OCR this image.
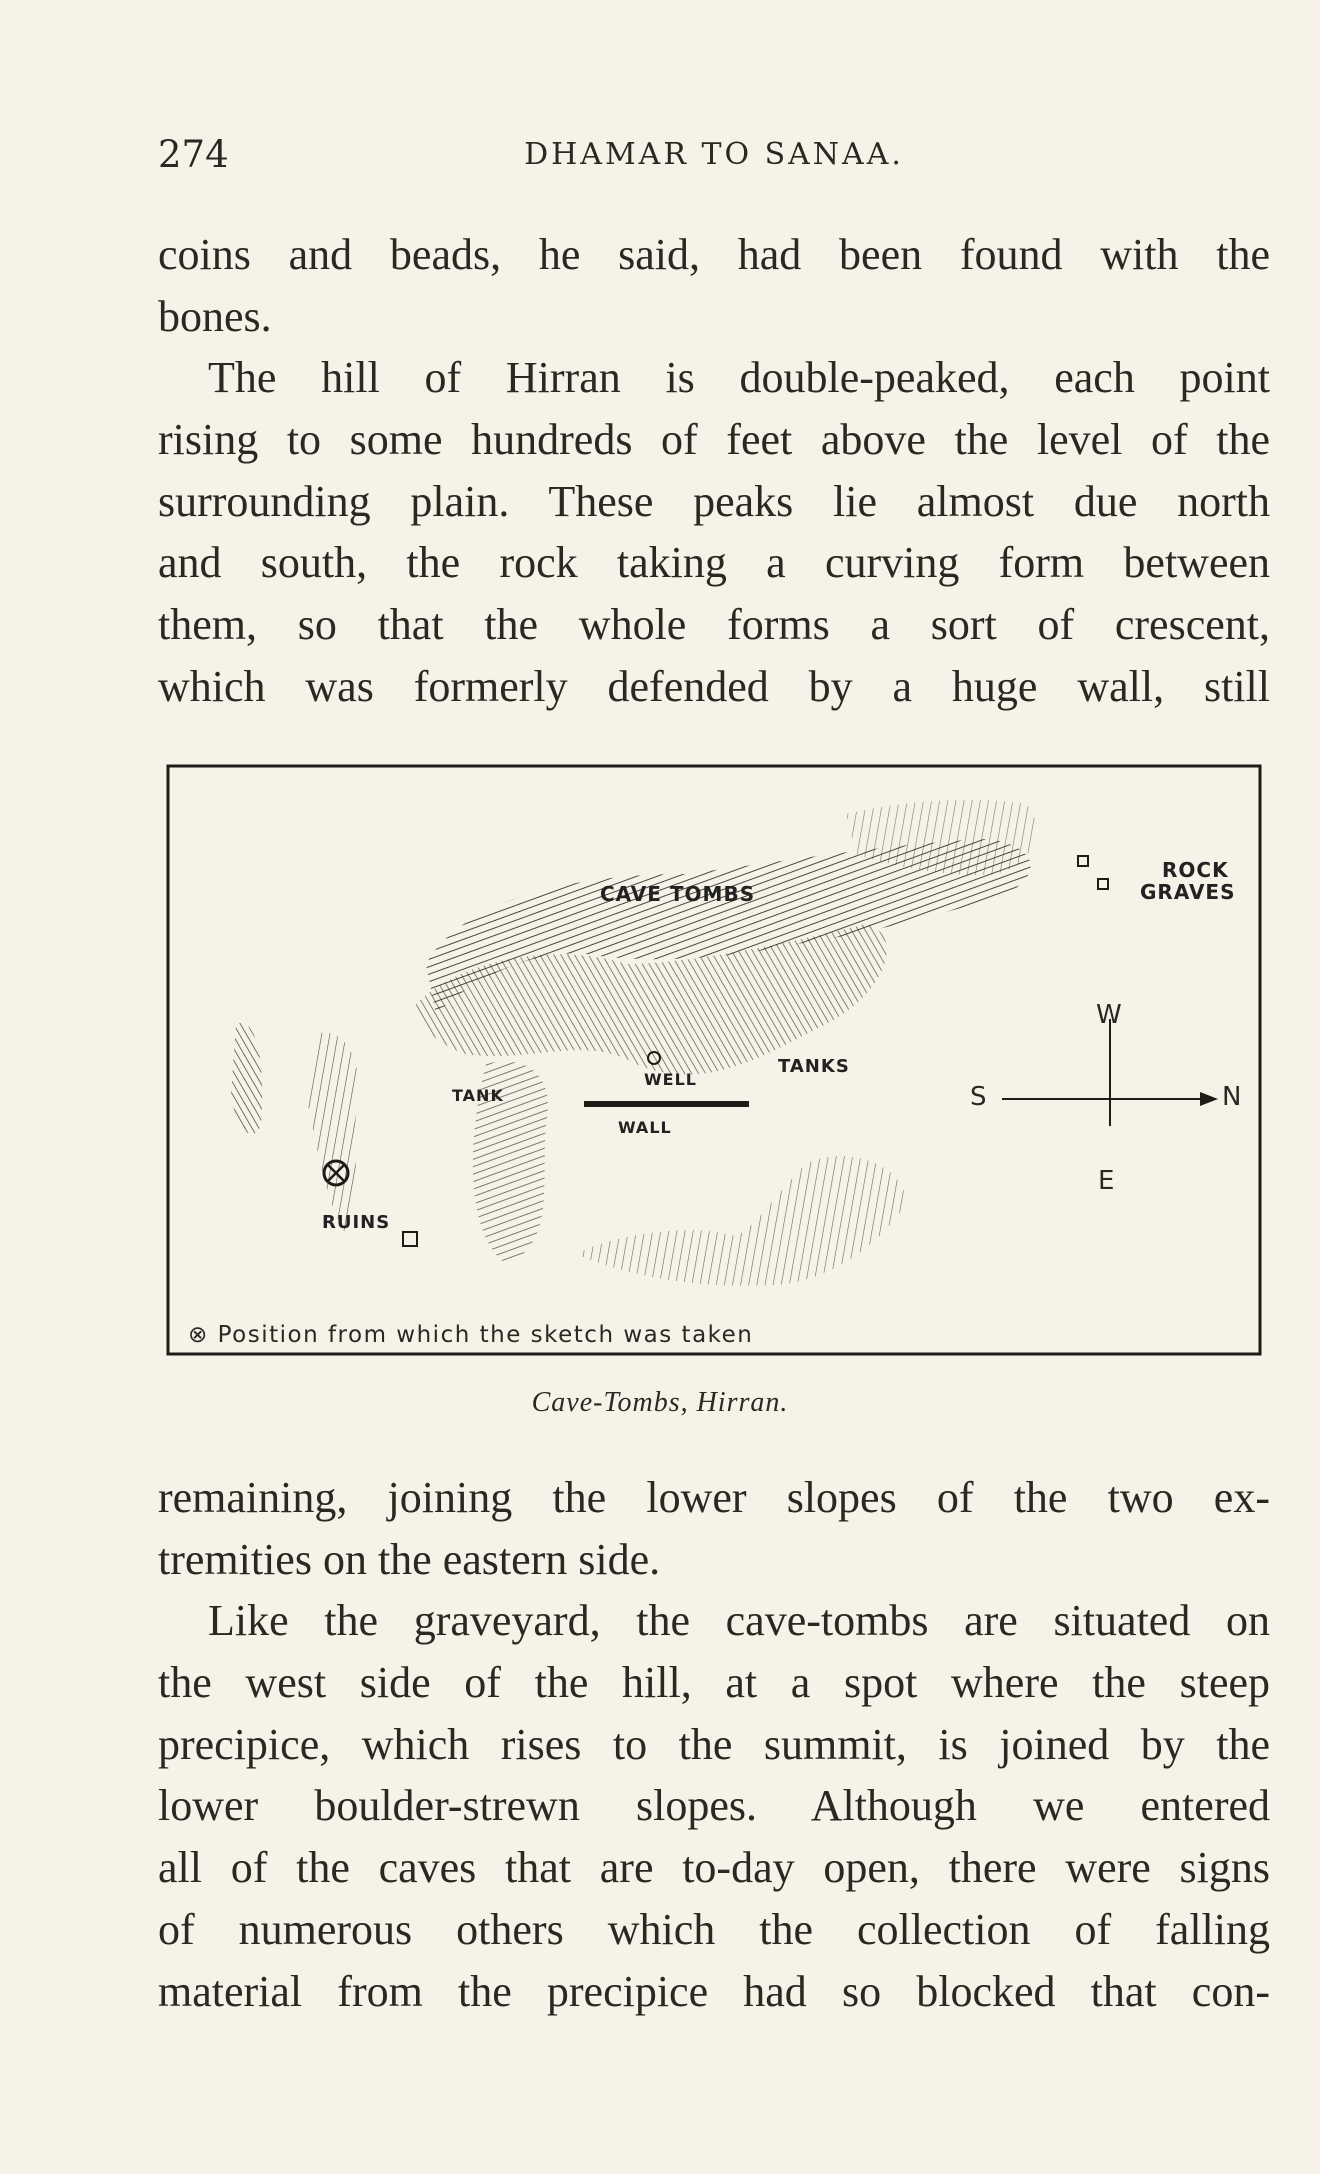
274	DHAMAR TO SANAA.

coins and beads, he said, had been found with the
bones.

The hill of Hirran is double-peaked, each point
rising to some hundreds of feet above the level of the
surrounding plain. These peaks lie almost due north
and south, the rock taking a curving form between
them, so that the whole forms a sort of crescent,
which was formerly defended by a huge wall, still

CAVE TOMBS
ROCK
GRAVES
TANK
WELL
TANKS
WALL
RUINS
W
S	N
E
⊗ Position from which the sketch was taken
Cave-Tombs, Hirran.

remaining, joining the lower slopes of the two ex-
tremities on the eastern side.

Like the graveyard, the cave-tombs are situated on
the west side of the hill, at a spot where the steep
precipice, which rises to the summit, is joined by the
lower boulder-strewn slopes. Although we entered
all of the caves that are to-day open, there were signs
of numerous others which the collection of falling
material from the precipice had so blocked that con-
